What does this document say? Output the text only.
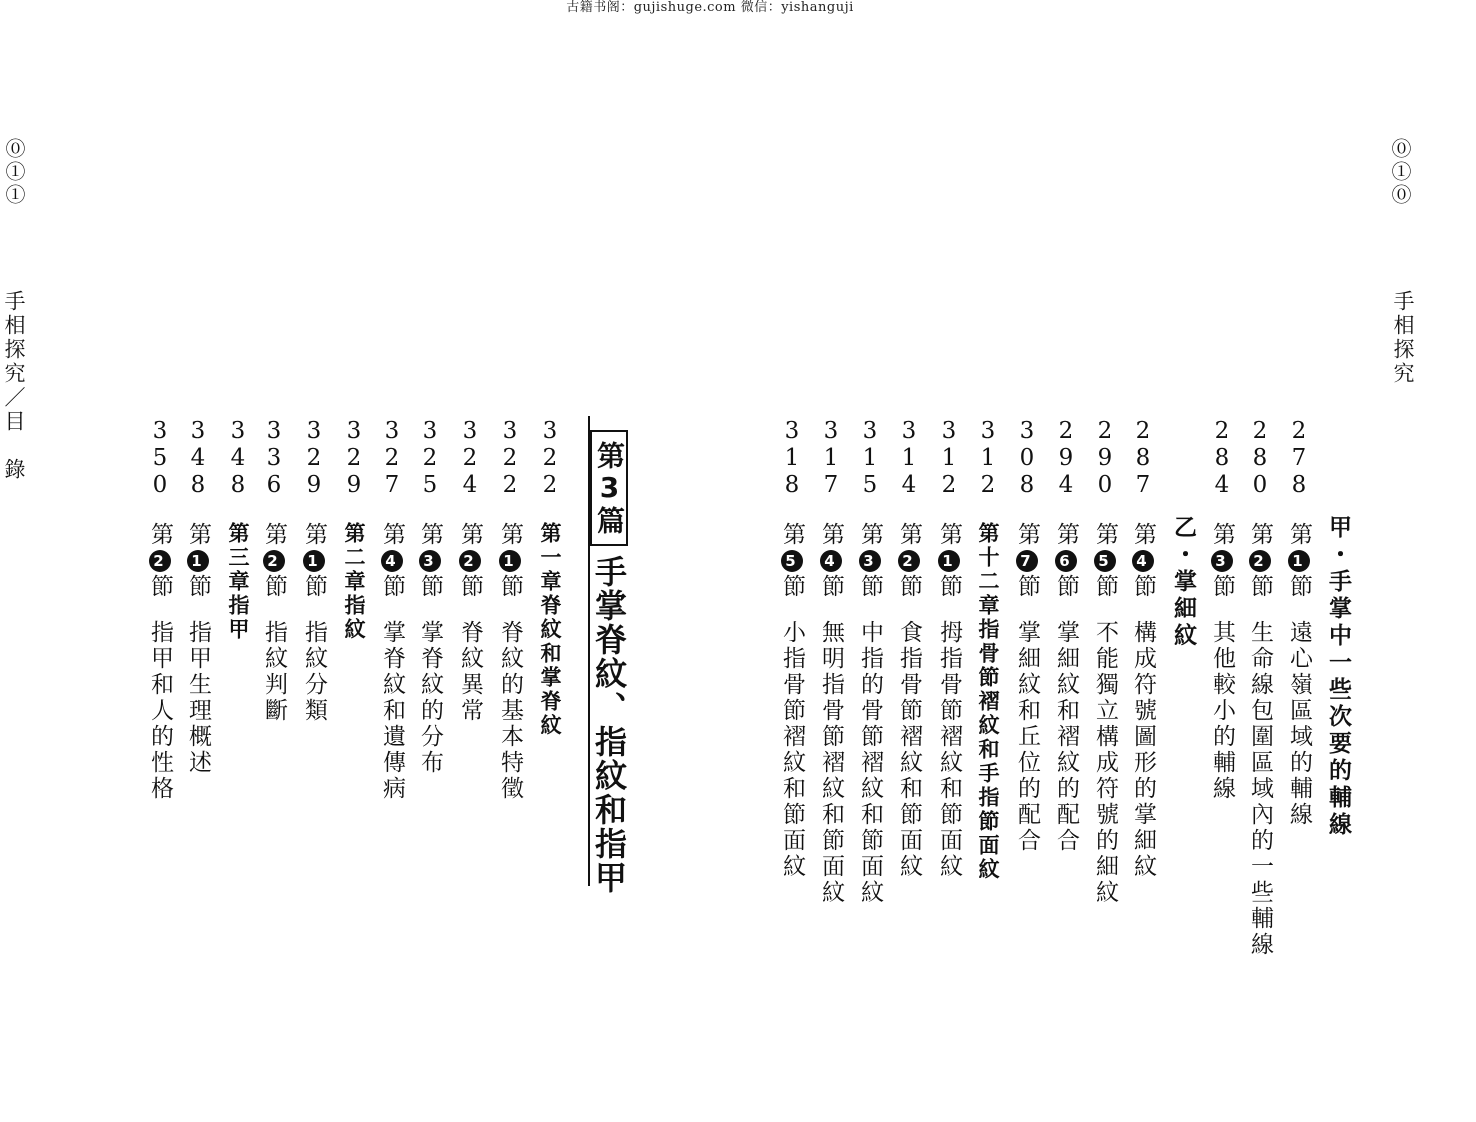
古籍书阁：gujishuge.com 微信：yishanguji
⓪①①
手相探究／目　錄
⓪①⓪
手相探究
第3篇
手掌脊紋、指紋和指甲	甲・手掌中一些次要的輔線
乙・掌細紋
322
第一章脊紋和掌脊紋
322
第1節脊紋的基本特徵
324
第2節脊紋異常
325
第3節掌脊紋的分布
327
第4節掌脊紋和遺傳病
329
第二章指紋
329
第1節指紋分類
336
第2節指紋判斷
348
第三章指甲
348
第1節指甲生理概述
350
第2節指甲和人的性格
278
第1節遠心嶺區域的輔線
280
第2節生命線包圍區域內的一些輔線
284
第3節其他較小的輔線
287
第4節構成符號圖形的掌細紋
290
第5節不能獨立構成符號的細紋
294
第6節掌細紋和褶紋的配合
308
第7節掌細紋和丘位的配合
312
第十二章指骨節褶紋和手指節面紋
312
第1節拇指骨節褶紋和節面紋
314
第2節食指骨節褶紋和節面紋
315
第3節中指的骨節褶紋和節面紋
317
第4節無明指骨節褶紋和節面紋
318
第5節小指骨節褶紋和節面紋
